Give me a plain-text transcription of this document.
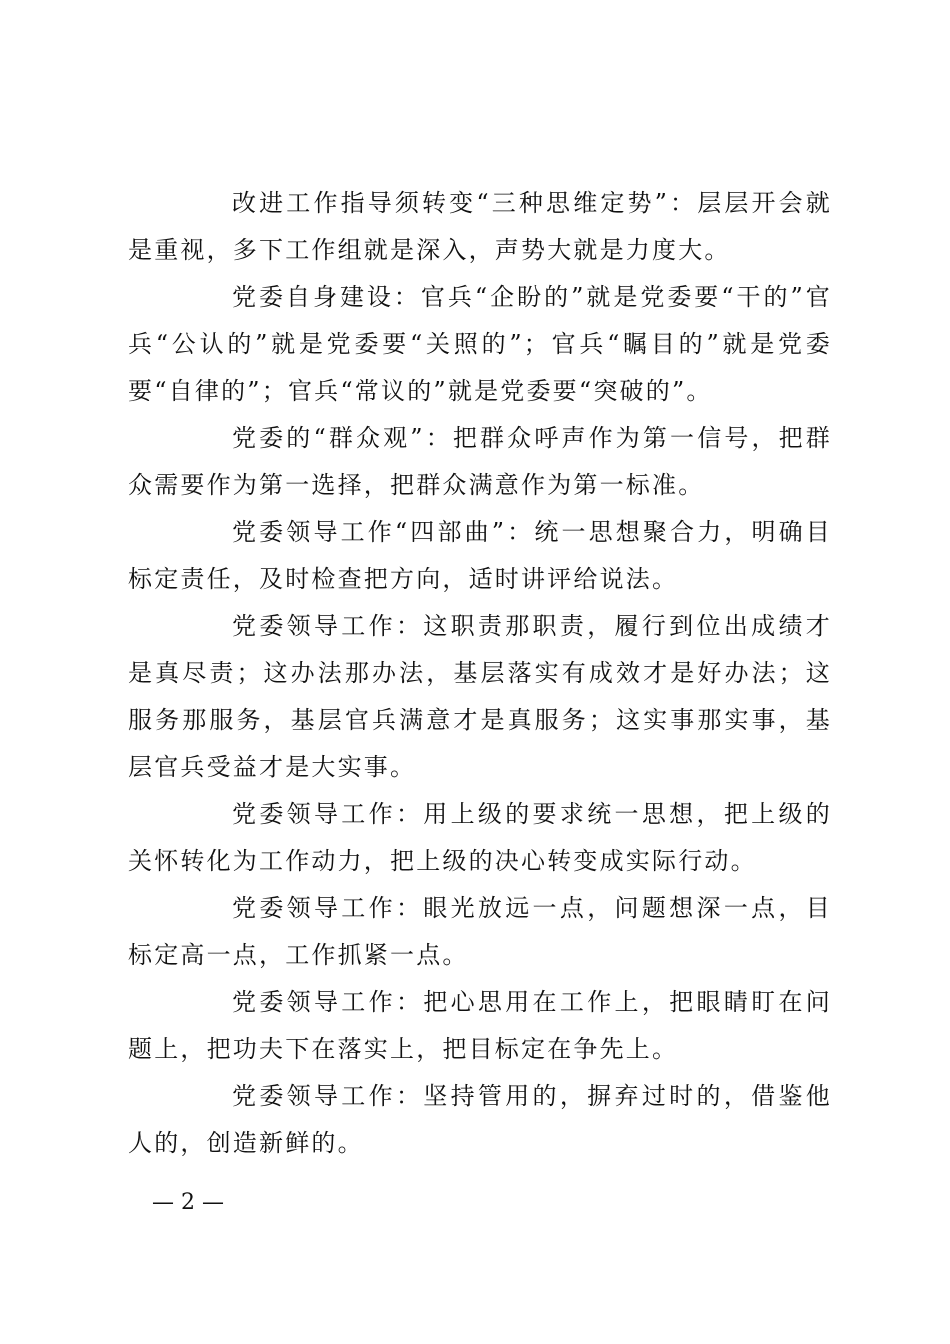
改进工作指导须转变“三种思维定势”：层层开会就是重视，多下工作组就是深入，声势大就是力度大。

党委自身建设：官兵“企盼的”就是党委要“干的”官兵“公认的”就是党委要“关照的”；官兵“瞩目的”就是党委要“自律的”；官兵“常议的”就是党委要“突破的”。

党委的“群众观”：把群众呼声作为第一信号，把群众需要作为第一选择，把群众满意作为第一标准。

党委领导工作“四部曲”：统一思想聚合力，明确目标定责任，及时检查把方向，适时讲评给说法。

党委领导工作：这职责那职责，履行到位出成绩才是真尽责；这办法那办法，基层落实有成效才是好办法；这服务那服务，基层官兵满意才是真服务；这实事那实事，基层官兵受益才是大实事。

党委领导工作：用上级的要求统一思想，把上级的关怀转化为工作动力，把上级的决心转变成实际行动。

党委领导工作：眼光放远一点，问题想深一点，目标定高一点，工作抓紧一点。

党委领导工作：把心思用在工作上，把眼睛盯在问题上，把功夫下在落实上，把目标定在争先上。

党委领导工作：坚持管用的，摒弃过时的，借鉴他人的，创造新鲜的。

— 2 —
